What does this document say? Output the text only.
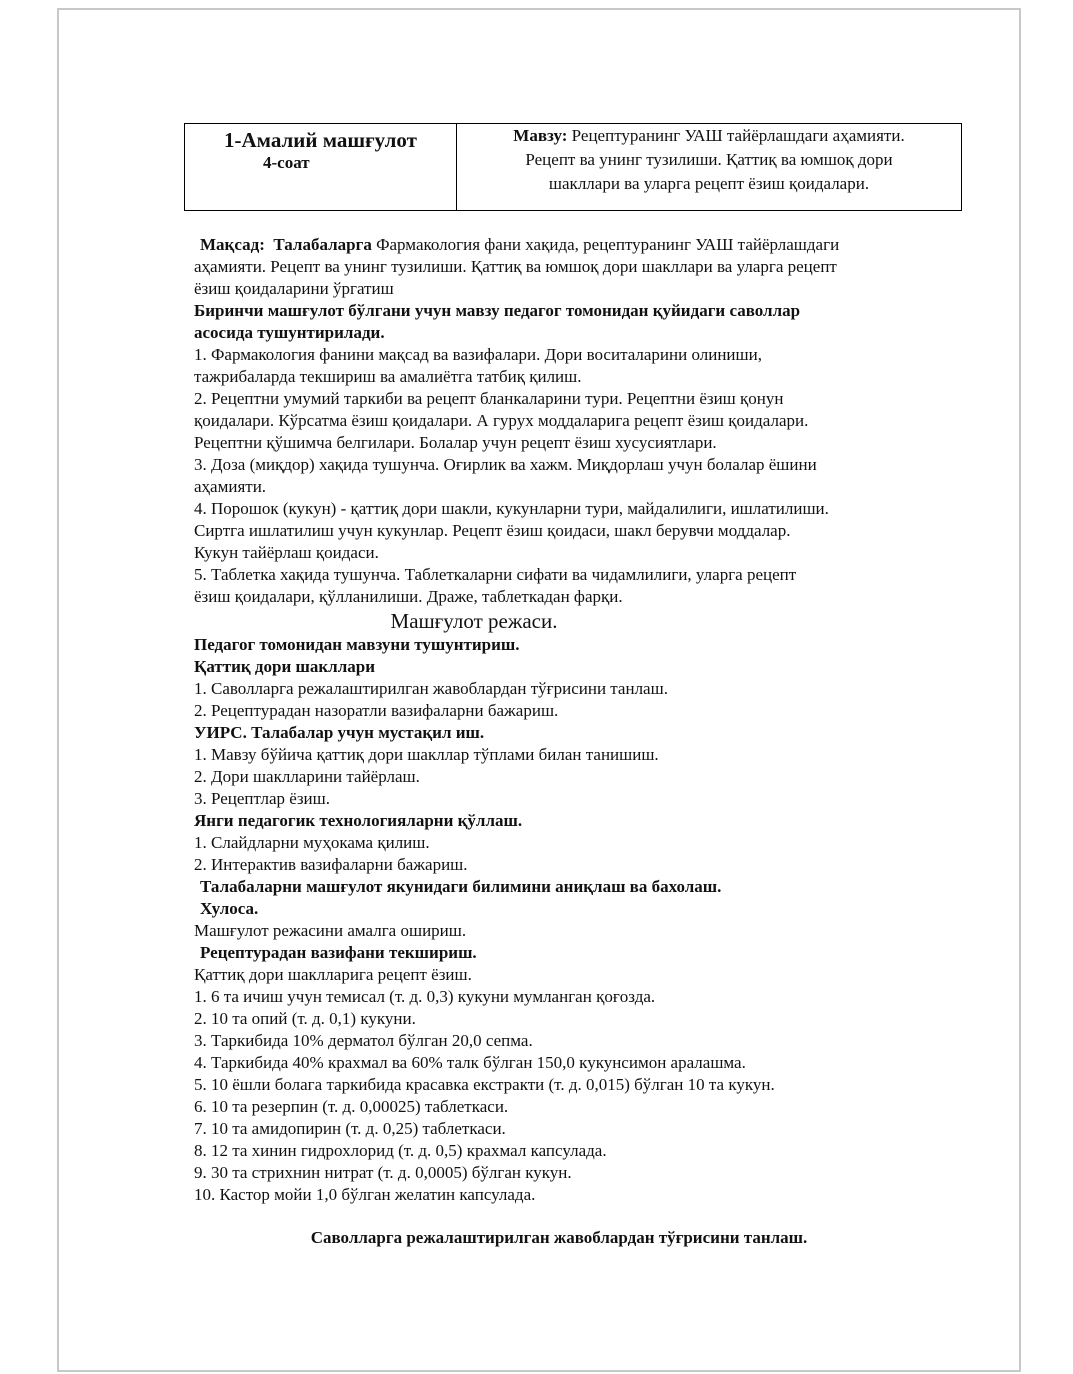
1-Амалий машғулот
4-соат
Мавзу: Рецептуранинг УАШ тайёрлашдаги аҳамияти.
Рецепт ва унинг тузилиши. Қаттиқ ва юмшоқ дори
шакллари ва уларга рецепт ёзиш қоидалари.
Мақсад: Талабаларга Фармакология фани хақида, рецептуранинг УАШ тайёрлашдаги
аҳамияти. Рецепт ва унинг тузилиши. Қаттиқ ва юмшоқ дори шакллари ва уларга рецепт
ёзиш қоидаларини ўргатиш
Биринчи машғулот бўлгани учун мавзу педагог томонидан қуйидаги саволлар
асосида тушунтирилади.
1. Фармакология фанини мақсад ва вазифалари. Дори воситаларини олиниши,
тажрибаларда текшириш ва амалиётга татбиқ қилиш.
2. Рецептни умумий таркиби ва рецепт бланкаларини тури. Рецептни ёзиш қонун
қоидалари. Кўрсатма ёзиш қоидалари. А гурух моддаларига рецепт ёзиш қоидалари.
Рецептни қўшимча белгилари. Болалар учун рецепт ёзиш хусусиятлари.
3. Доза (миқдор) хақида тушунча. Оғирлик ва хажм. Миқдорлаш учун болалар ёшини
аҳамияти.
4. Порошок (кукун) - қаттиқ дори шакли, кукунларни тури, майдалилиги, ишлатилиши.
Сиртга ишлатилиш учун кукунлар. Рецепт ёзиш қоидаси, шакл берувчи моддалар.
Кукун тайёрлаш қоидаси.
5. Таблетка хақида тушунча. Таблеткаларни сифати ва чидамлилиги, уларга рецепт
ёзиш қоидалари, қўлланилиши. Драже, таблеткадан фарқи.
Машғулот режаси.
Педагог томонидан мавзуни тушунтириш.
Қаттиқ дори шакллари
1. Саволларга режалаштирилган жавоблардан тўғрисини танлаш.
2. Рецептурадан назоратли вазифаларни бажариш.
УИРС. Талабалар учун мустақил иш.
1. Мавзу бўйича қаттиқ дори шакллар тўплами билан танишиш.
2. Дори шаклларини тайёрлаш.
3. Рецептлар ёзиш.
Янги педагогик технологияларни қўллаш.
1. Слайдларни муҳокама қилиш.
2. Интерактив вазифаларни бажариш.
Талабаларни машғулот якунидаги билимини аниқлаш ва бахолаш.
Хулоса.
Машғулот режасини амалга ошириш.
Рецептурадан вазифани текшириш.
Қаттиқ дори шаклларига рецепт ёзиш.
1. 6 та ичиш учун темисал (т. д. 0,3) кукуни мумланган қоғозда.
2. 10 та опий (т. д. 0,1) кукуни.
3. Таркибида 10% дерматол бўлган 20,0 сепма.
4. Таркибида 40% крахмал ва 60% талк бўлган 150,0 кукунсимон аралашма.
5. 10 ёшли болага таркибида красавка екстракти (т. д. 0,015) бўлган 10 та кукун.
6. 10 та резерпин (т. д. 0,00025) таблеткаси.
7. 10 та амидопирин (т. д. 0,25) таблеткаси.
8. 12 та хинин гидрохлорид (т. д. 0,5) крахмал капсулада.
9. 30 та стрихнин нитрат (т. д. 0,0005) бўлган кукун.
10. Кастор мойи 1,0 бўлган желатин капсулада.
Саволларга режалаштирилган жавоблардан тўғрисини танлаш.
